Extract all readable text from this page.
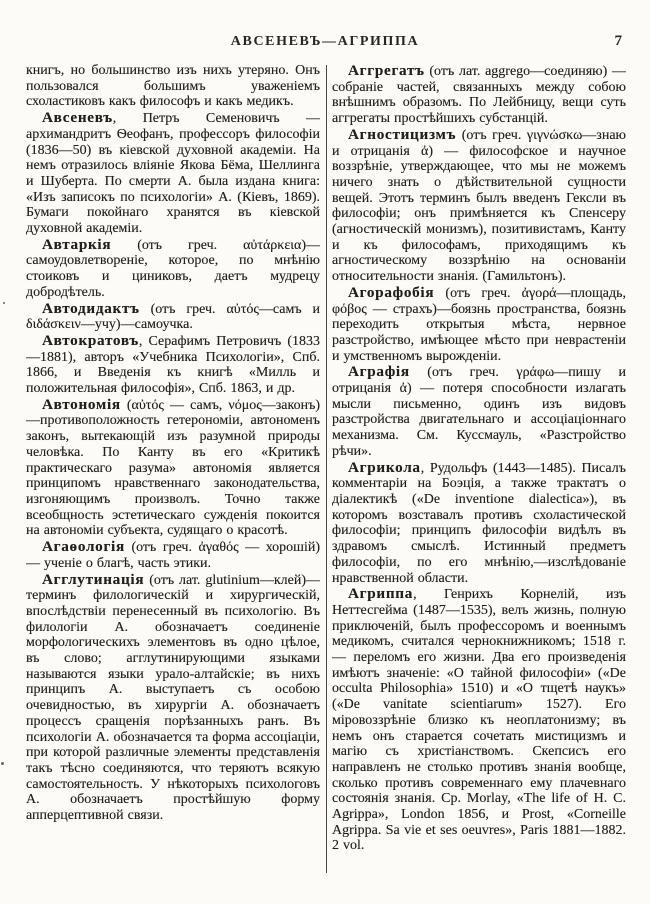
АВСЕНЕВЪ—АГРИППА	7

книгъ, но большинство изъ нихъ утеряно. Онъ пользовался большимъ уваженіемъ схоластиковъ какъ философъ и какъ медикъ.

Авсеневъ, Петръ Семеновичъ — архимандритъ Ѳеофанъ, профессоръ философіи (1836—50) въ кіевской духовной академіи. На немъ отразилось вліяніе Якова Бёма, Шеллинга и Шуберта. По смерти А. была издана книга: «Изъ записокъ по психологіи» А. (Кіевъ, 1869). Бумаги покойнаго хранятся въ кіевской духовной академіи.

Автаркія (отъ греч. αὐτάρκεια)—самоудовлетвореніе, которое, по мнѣнію стоиковъ и циниковъ, даетъ мудрецу добродѣтель.

Автодидактъ (отъ греч. αὐτός—самъ и διδάσκειν—учу)—самоучка.

Автократовъ, Серафимъ Петровичъ (1833—1881), авторъ «Учебника Психологіи», Спб. 1866, и Введенія къ книгѣ «Милль и положительная философія», Спб. 1863, и др.

Автономія (αὐτός — самъ, νόμος—законъ)—противоположность гетерономіи, автономенъ законъ, вытекающій изъ разумной природы человѣка. По Канту въ его «Критикѣ практическаго разума» автономія является принципомъ нравственнаго законодательства, изгоняющимъ произволъ. Точно также всеобщность эстетическаго сужденія покоится на автономіи субъекта, судящаго о красотѣ.

Агаѳологія (отъ греч. ἀγαθός — хорошій) — ученіе о благѣ, часть этики.

Агглутинація (отъ лат. glutinium—клей)—терминъ филологическій и хирургическій, впослѣдствіи перенесенный въ психологію. Въ филологіи А. обозначаетъ соединеніе морфологическихъ элементовъ въ одно цѣлое, въ слово; агглутинирующими языками называются языки урало-алтайскіе; въ нихъ принципъ А. выступаетъ съ особою очевидностью, въ хирургіи А. обозначаетъ процессъ сращенія порѣзанныхъ ранъ. Въ психологіи А. обозначается та форма ассоціаціи, при которой различные элементы представленія такъ тѣсно соединяются, что теряютъ всякую самостоятельность. У нѣкоторыхъ психологовъ А. обозначаетъ простѣйшую форму апперцептивной связи.

Аггрегатъ (отъ лат. aggrego—соединяю) — собраніе частей, связанныхъ между собою внѣшнимъ образомъ. По Лейбницу, вещи суть аггрегаты простѣйшихъ субстанцій.

Агностицизмъ (отъ греч. γιγνώσκω—знаю и отрицанія ἀ) — философское и научное воззрѣніе, утверждающее, что мы не можемъ ничего знать о дѣйствительной сущности вещей. Этотъ терминъ былъ введенъ Гексли въ философіи; онъ примѣняется къ Спенсеру (агностическій монизмъ), позитивистамъ, Канту и къ философамъ, приходящимъ къ агностическому воззрѣнію на основаніи относительности знанія. (Гамильтонъ).

Агорафобія (отъ греч. ἀγορά—площадь, φόβος — страхъ)—боязнь пространства, боязнь переходить открытыя мѣста, нервное разстройство, имѣющее мѣсто при неврастеніи и умственномъ вырожденіи.

Аграфія (отъ греч. γράφω—пишу и отрицанія ἀ) — потеря способности излагать мысли письменно, одинъ изъ видовъ разстройства двигательнаго и ассоціаціоннаго механизма. См. Куссмауль, «Разстройство рѣчи».

Агрикола, Рудольфъ (1443—1485). Писалъ комментаріи на Боэція, а также трактатъ о діалектикѣ («De inventione dialectica»), въ которомъ возставалъ противъ схоластической философіи; принципъ философіи видѣлъ въ здравомъ смыслѣ. Истинный предметъ философіи, по его мнѣнію,—изслѣдованіе нравственной области.

Агриппа, Генрихъ Корнелій, изъ Неттесгейма (1487—1535), велъ жизнь, полную приключеній, былъ профессоромъ и военнымъ медикомъ, считался чернокнижникомъ; 1518 г. — переломъ его жизни. Два его произведенія имѣютъ значеніе: «О тайной философіи» («De occulta Philosophia» 1510) и «О тщетѣ наукъ» («De vanitate scientiarum» 1527). Его міровоззрѣніе близко къ неоплатонизму; въ немъ онъ старается сочетать мистицизмъ и магію съ христіанствомъ. Скепсисъ его направленъ не столько противъ знанія вообще, сколько противъ современнаго ему плачевнаго состоянія знанія. Ср. Morlay, «The life of H. C. Agrippa», London 1856, и Prost, «Corneille Agrippa. Sa vie et ses oeuvres», Paris 1881—1882. 2 vol.
